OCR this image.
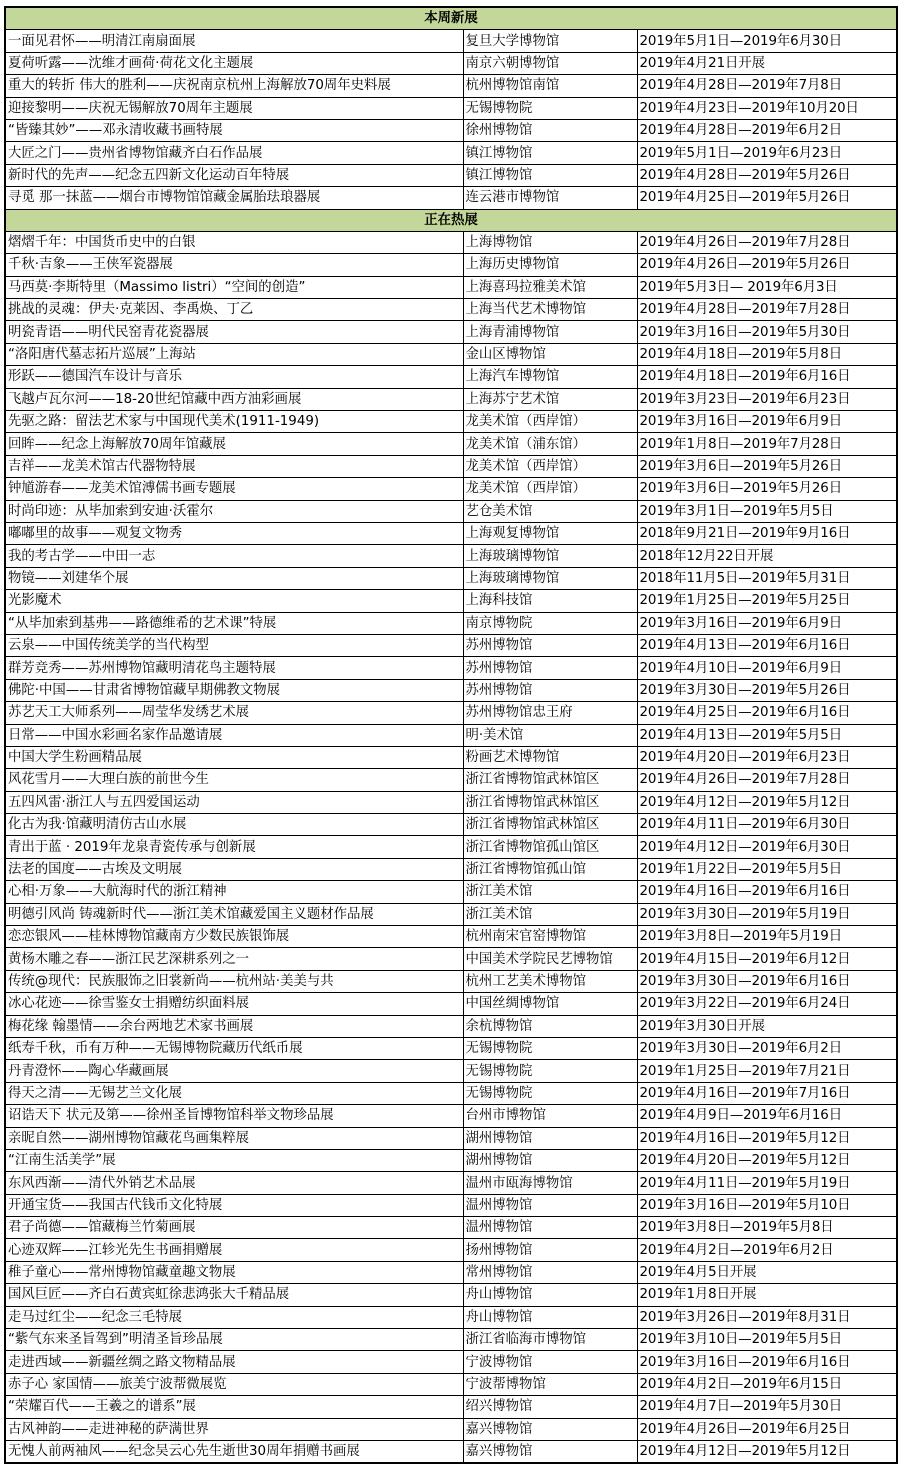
本周新展		
一面见君怀——明清江南扇面展	复旦大学博物馆	2019年5月1日—2019年6月30日
夏荷听露——沈维才画荷·荷花文化主题展	南京六朝博物馆	2019年4月21日开展
重大的转折 伟大的胜利——庆祝南京杭州上海解放70周年史料展	杭州博物馆南馆	2019年4月28日—2019年7月8日
迎接黎明——庆祝无锡解放70周年主题展	无锡博物院	2019年4月23日—2019年10月20日
“皆臻其妙”——邓永清收藏书画特展	徐州博物馆	2019年4月28日—2019年6月2日
大匠之门——贵州省博物馆藏齐白石作品展	镇江博物馆	2019年5月1日—2019年6月23日
新时代的先声——纪念五四新文化运动百年特展	镇江博物馆	2019年4月28日—2019年5月26日
寻觅 那一抹蓝——烟台市博物馆馆藏金属胎珐琅器展	连云港市博物馆	2019年4月25日—2019年5月26日
正在热展		
熠熠千年：中国货币史中的白银	上海博物馆	2019年4月26日—2019年7月28日
千秋·吉象——王侠军瓷器展	上海历史博物馆	2019年4月26日—2019年5月26日
马西莫·李斯特里（Massimo listri）“空间的创造”	上海喜玛拉雅美术馆	2019年5月3日— 2019年6月3日
挑战的灵魂：伊夫·克莱因、李禹焕、丁乙	上海当代艺术博物馆	2019年4月28日—2019年7月28日
明瓷青语——明代民窑青花瓷器展	上海青浦博物馆	2019年3月16日—2019年5月30日
“洛阳唐代墓志拓片巡展”上海站	金山区博物馆	2019年4月18日—2019年5月8日
形跃——德国汽车设计与音乐	上海汽车博物馆	2019年4月18日—2019年6月16日
飞越卢瓦尔河——18-20世纪馆藏中西方油彩画展	上海苏宁艺术馆	2019年3月23日—2019年6月23日
先驱之路：留法艺术家与中国现代美术(1911-1949)	龙美术馆（西岸馆）	2019年3月16日—2019年6月9日
回眸——纪念上海解放70周年馆藏展	龙美术馆（浦东馆）	2019年1月8日—2019年7月28日
吉祥——龙美术馆古代器物特展	龙美术馆（西岸馆）	2019年3月6日—2019年5月26日
钟馗游春——龙美术馆溥儒书画专题展	龙美术馆（西岸馆）	2019年3月6日—2019年5月26日
时尚印迹：从毕加索到安迪·沃霍尔	艺仓美术馆	2019年3月1日—2019年5月5日
嘟嘟里的故事——观复文物秀	上海观复博物馆	2018年9月21日—2019年9月16日
我的考古学——中田一志	上海玻璃博物馆	2018年12月22日开展
物镜——刘建华个展	上海玻璃博物馆	2018年11月5日—2019年5月31日
光影魔术	上海科技馆	2019年1月25日—2019年5月25日
“从毕加索到基弗——路德维希的艺术课”特展	南京博物院	2019年3月16日—2019年6月9日
云泉——中国传统美学的当代构型	苏州博物馆	2019年4月13日—2019年6月16日
群芳竞秀——苏州博物馆藏明清花鸟主题特展	苏州博物馆	2019年4月10日—2019年6月9日
佛陀·中国——甘肃省博物馆藏早期佛教文物展	苏州博物馆	2019年3月30日—2019年5月26日
苏艺天工大师系列——周莹华发绣艺术展	苏州博物馆忠王府	2019年4月25日—2019年6月16日
日常——中国水彩画名家作品邀请展	明·美术馆	2019年4月13日—2019年5月5日
中国大学生粉画精品展	粉画艺术博物馆	2019年4月20日—2019年6月23日
风花雪月——大理白族的前世今生	浙江省博物馆武林馆区	2019年4月26日—2019年7月28日
五四风雷·浙江人与五四爱国运动	浙江省博物馆武林馆区	2019年4月12日—2019年5月12日
化古为我·馆藏明清仿古山水展	浙江省博物馆武林馆区	2019年4月11日—2019年6月30日
青出于蓝 · 2019年龙泉青瓷传承与创新展	浙江省博物馆孤山馆区	2019年4月12日—2019年6月30日
法老的国度——古埃及文明展	浙江省博物馆孤山馆	2019年1月22日—2019年5月5日
心相·万象——大航海时代的浙江精神	浙江美术馆	2019年4月16日—2019年6月16日
明德引风尚 铸魂新时代——浙江美术馆藏爱国主义题材作品展	浙江美术馆	2019年3月30日—2019年5月19日
恋恋银风——桂林博物馆藏南方少数民族银饰展	杭州南宋官窑博物馆	2019年3月8日—2019年5月19日
黄杨木雕之春——浙江民艺深耕系列之一	中国美术学院民艺博物馆	2019年4月15日—2019年6月12日
传统@现代：民族服饰之旧裳新尚——杭州站·美美与共	杭州工艺美术博物馆	2019年3月30日—2019年6月16日
冰心花迹——徐雪鉴女士捐赠纺织面料展	中国丝绸博物馆	2019年3月22日—2019年6月24日
梅花缘 翰墨情——余台两地艺术家书画展	余杭博物馆	2019年3月30日开展
纸寿千秋，币有万种——无锡博物院藏历代纸币展	无锡博物院	2019年3月30日—2019年6月2日
丹青澄怀——陶心华藏画展	无锡博物院	2019年1月25日—2019年7月21日
得天之清——无锡艺兰文化展	无锡博物院	2019年4月16日—2019年7月16日
诏诰天下 状元及第——徐州圣旨博物馆科举文物珍品展	台州市博物馆	2019年4月9日—2019年6月16日
亲昵自然——湖州博物馆藏花鸟画集粹展	湖州博物馆	2019年4月16日—2019年5月12日
“江南生活美学”展	湖州博物馆	2019年4月20日—2019年5月12日
东风西渐——清代外销艺术品展	温州市瓯海博物馆	2019年4月11日—2019年5月19日
开通宝货——我国古代钱币文化特展	温州博物馆	2019年3月16日—2019年5月10日
君子尚德——馆藏梅兰竹菊画展	温州博物馆	2019年3月8日—2019年5月8日
心迹双辉——江轸光先生书画捐赠展	扬州博物馆	2019年4月2日—2019年6月2日
稚子童心——常州博物馆藏童趣文物展	常州博物馆	2019年4月5日开展
国风巨匠——齐白石黄宾虹徐悲鸿张大千精品展	舟山博物馆	2019年1月8日开展
走马过红尘——纪念三毛特展	舟山博物馆	2019年3月26日—2019年8月31日
“紫气东来圣旨驾到”明清圣旨珍品展	浙江省临海市博物馆	2019年3月10日—2019年5月5日
走进西域——新疆丝绸之路文物精品展	宁波博物馆	2019年3月16日—2019年6月16日
赤子心 家国情——旅美宁波帮微展览	宁波帮博物馆	2019年4月2日—2019年6月15日
“荣耀百代——王羲之的谱系”展	绍兴博物馆	2019年4月7日—2019年5月30日
古风神韵——走进神秘的萨满世界	嘉兴博物馆	2019年4月26日—2019年6月25日
无愧人前两袖风——纪念吴云心先生逝世30周年捐赠书画展	嘉兴博物馆	2019年4月12日—2019年5月12日
